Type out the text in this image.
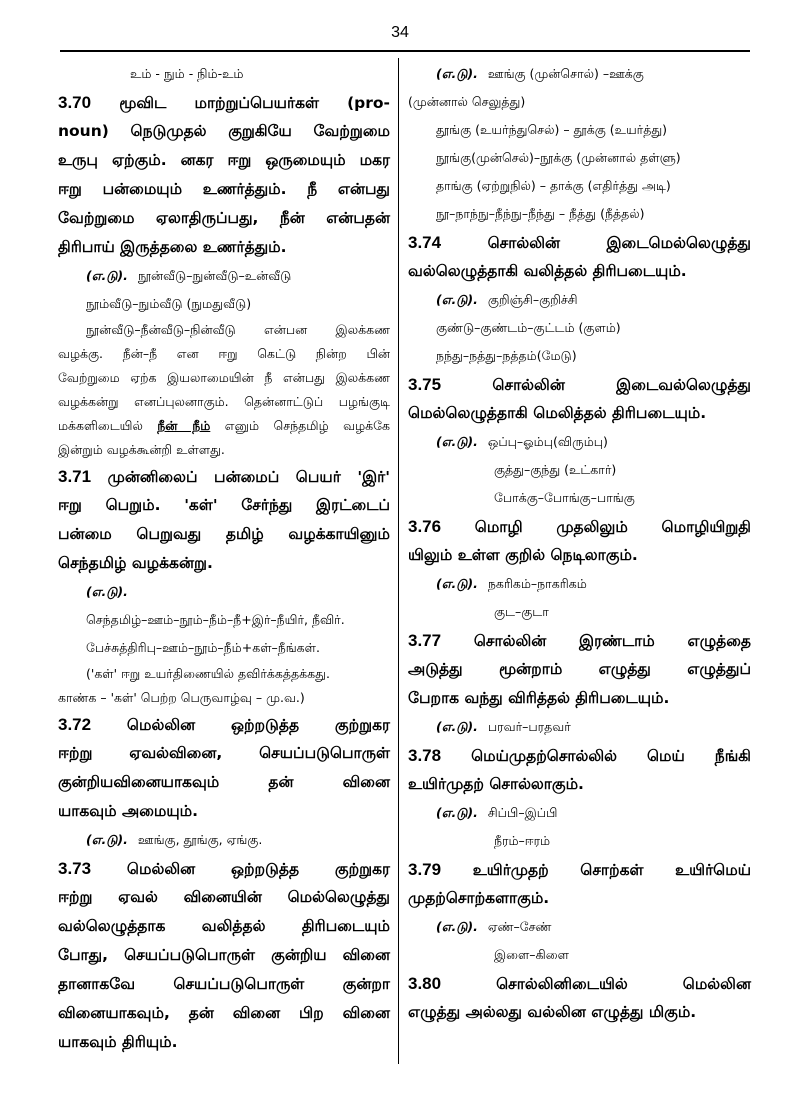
34
உம் - நும் - நிம்-உம்
3.70 மூவிட மாற்றுப்பெயர்கள் (pro-
noun) நெடுமுதல் குறுகியே வேற்றுமை
உருபு ஏற்கும். னகர ஈறு ஒருமையும் மகர
ஈறு பன்மையும் உணர்த்தும். நீ என்பது
வேற்றுமை ஏலாதிருப்பது, நீன் என்பதன்
திரிபாய் இருத்தலை உணர்த்தும்.
(எ.டு). நூன்வீடு–நுன்வீடு–உன்வீடு
நூம்வீடு–நும்வீடு (நுமதுவீடு)
நூன்வீடு–நீன்வீடு–நின்வீடு என்பன இலக்கண
வழக்கு. நீன்–நீ என ஈறு கெட்டு நின்ற பின்
வேற்றுமை ஏற்க இயலாமையின் நீ என்பது இலக்கண
வழக்கன்று எனப்புலனாகும். தென்னாட்டுப் பழங்குடி
மக்களிடையில் நீன் நீம் எனும் செந்தமிழ் வழக்கே
இன்றும் வழக்கூன்றி உள்ளது.
3.71 முன்னிலைப் பன்மைப் பெயர் 'இர்'
ஈறு பெறும். 'கள்' சேர்ந்து இரட்டைப்
பன்மை பெறுவது தமிழ் வழக்காயினும்
செந்தமிழ் வழக்கன்று.
(எ.டு).
செந்தமிழ்–ஊம்–நூம்–நீம்–நீ+இர்–நீயிர், நீவிர்.
பேச்சுத்திரிபு–ஊம்–நூம்–நீம்+கள்–நீங்கள்.
('கள்' ஈறு உயர்திணையில் தவிர்க்கத்தக்கது.
காண்க – 'கள்' பெற்ற பெருவாழ்வு – மு.வ.)
3.72 மெல்லின ஒற்றடுத்த குற்றுகர
ஈற்று ஏவல்வினை, செயப்படுபொருள்
குன்றியவினையாகவும் தன் வினை
யாகவும் அமையும்.
(எ.டு). ஊங்கு, தூங்கு, ஏங்கு.
3.73 மெல்லின ஒற்றடுத்த குற்றுகர
ஈற்று ஏவல் வினையின் மெல்லெழுத்து
வல்லெழுத்தாக வலித்தல் திரிபடையும்
போது, செயப்படுபொருள் குன்றிய வினை
தானாகவே செயப்படுபொருள் குன்றா
வினையாகவும், தன் வினை பிற வினை
யாகவும் திரியும்.
(எ.டு). ஊங்கு (முன்சொல்) –ஊக்கு
(முன்னால் செலுத்து)
தூங்கு (உயர்ந்துசெல்) – தூக்கு (உயர்த்து)
நூங்கு(முன்செல்)–நூக்கு (முன்னால் தள்ளு)
தாங்கு (ஏற்றுநில்) – தாக்கு (எதிர்த்து அடி)
நூ–நாந்நு–நீந்நு–நீந்து – நீத்து (நீத்தல்)
3.74	சொல்லின் இடைமெல்லெழுத்து
வல்லெழுத்தாகி வலித்தல் திரிபடையும்.
(எ.டு). குறிஞ்சி–குறிச்சி
குண்டு–குண்டம்–குட்டம் (குளம்)
நந்து–நத்து–நத்தம்(மேடு)
3.75	சொல்லின் இடைவல்லெழுத்து
மெல்லெழுத்தாகி மெலித்தல் திரிபடையும்.
(எ.டு). ஒப்பு–ஓம்பு(விரும்பு)
குத்து–குந்து (உட்கார்)
போக்கு–போங்கு–பாங்கு
3.76 மொழி முதலிலும் மொழியிறுதி
யிலும் உள்ள குறில் நெடிலாகும்.
(எ.டு). நகரிகம்–நாகரிகம்
குட–குடா
3.77 சொல்லின் இரண்டாம் எழுத்தை
அடுத்து மூன்றாம் எழுத்து எழுத்துப்
பேறாக வந்து விரித்தல் திரிபடையும்.
(எ.டு). பரவர்–பரதவர்
3.78 மெய்முதற்சொல்லில் மெய் நீங்கி
உயிர்முதற் சொல்லாகும்.
(எ.டு). சிப்பி–இப்பி
நீரம்–ஈரம்
3.79 உயிர்முதற் சொற்கள் உயிர்மெய்
முதற்சொற்களாகும்.
(எ.டு). ஏண்–சேண்
இளை–கிளை
3.80	சொல்லினிடையில் மெல்லின
எழுத்து அல்லது வல்லின எழுத்து மிகும்.
